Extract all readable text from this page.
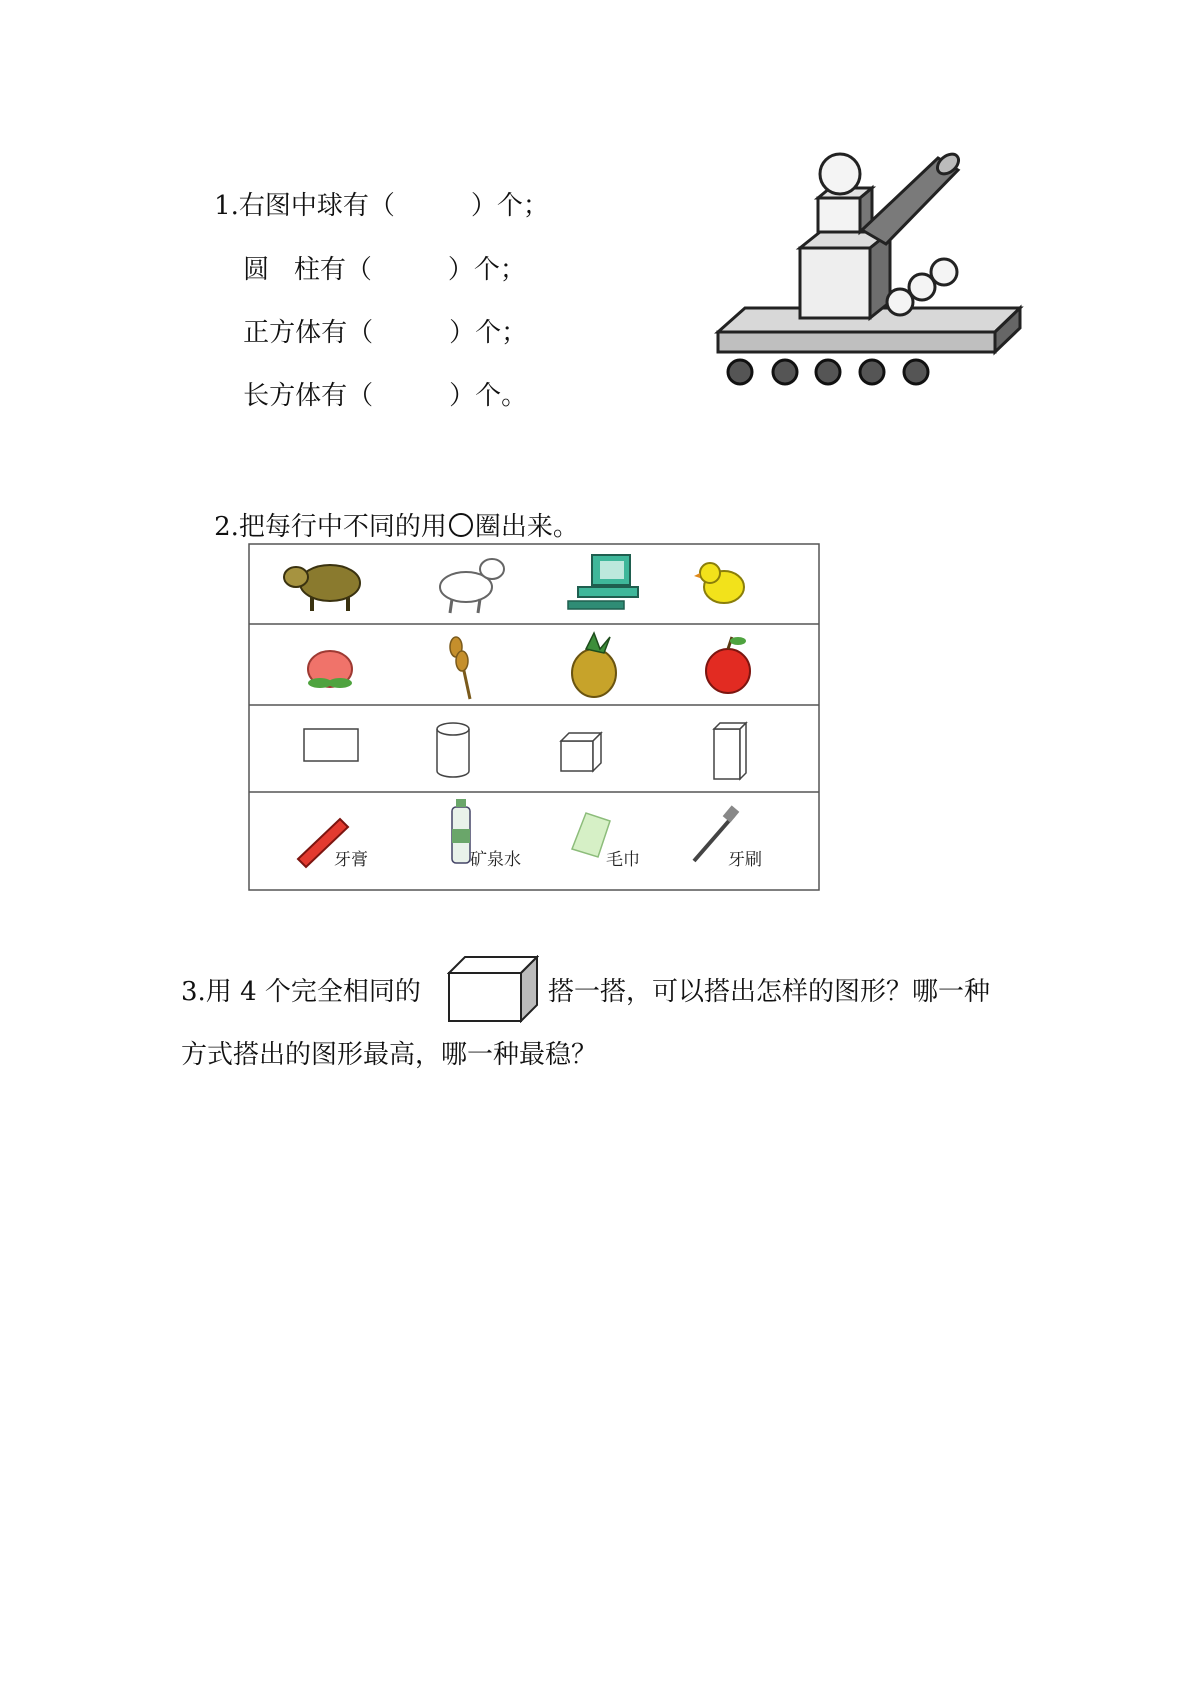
1.右图中球有（	）个；

圆   柱有（	）个；

正方体有（	）个；

长方体有（	）个。

2.把每行中不同的用 圈出来。

牙膏	矿泉水	毛巾	牙刷
3.用 4 个完全相同的	搭一搭，可以搭出怎样的图形？哪一种
方式搭出的图形最高，哪一种最稳？
